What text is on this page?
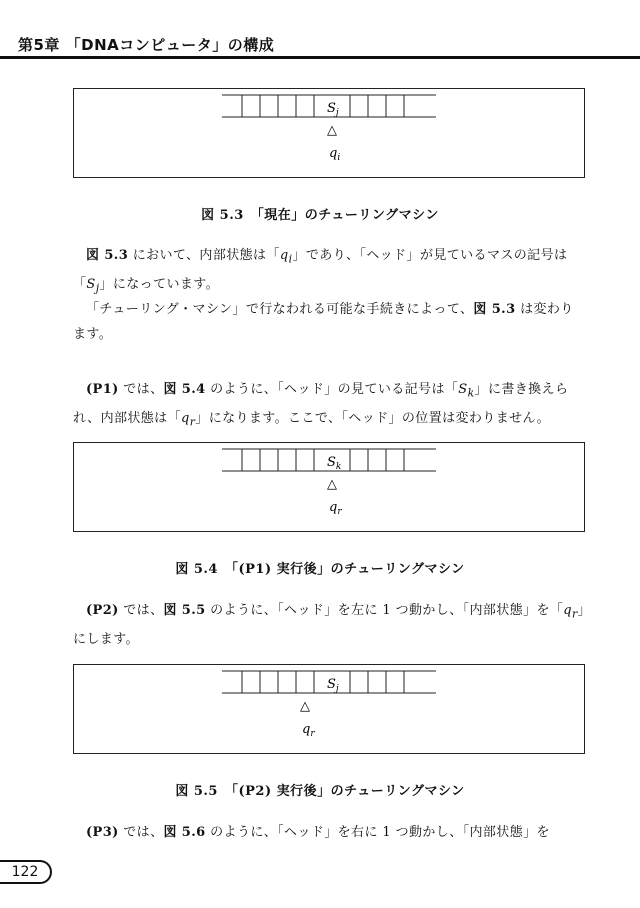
第5章 「DNAコンピュータ」の構成
$S_j$
△
$q_i$
図 5.3　「現在」のチューリングマシン
図 5.3 において、内部状態は「$q_i$」であり、「ヘッド」が見ているマスの記号は「$S_j$」になっています。
「チューリング・マシン」で行なわれる可能な手続きによって、図 5.3 は変わります。
(P1) では、図 5.4 のように、「ヘッド」の見ている記号は「$S_k$」に書き換えられ、内部状態は「$q_r$」になります。ここで、「ヘッド」の位置は変わりません。
$S_k$
△
$q_r$
図 5.4　「(P1) 実行後」のチューリングマシン
(P2) では、図 5.5 のように、「ヘッド」を左に 1 つ動かし、「内部状態」を「$q_r$」にします。
$S_j$
△
$q_r$
図 5.5　「(P2) 実行後」のチューリングマシン
(P3) では、図 5.6 のように、「ヘッド」を右に 1 つ動かし、「内部状態」を
122
